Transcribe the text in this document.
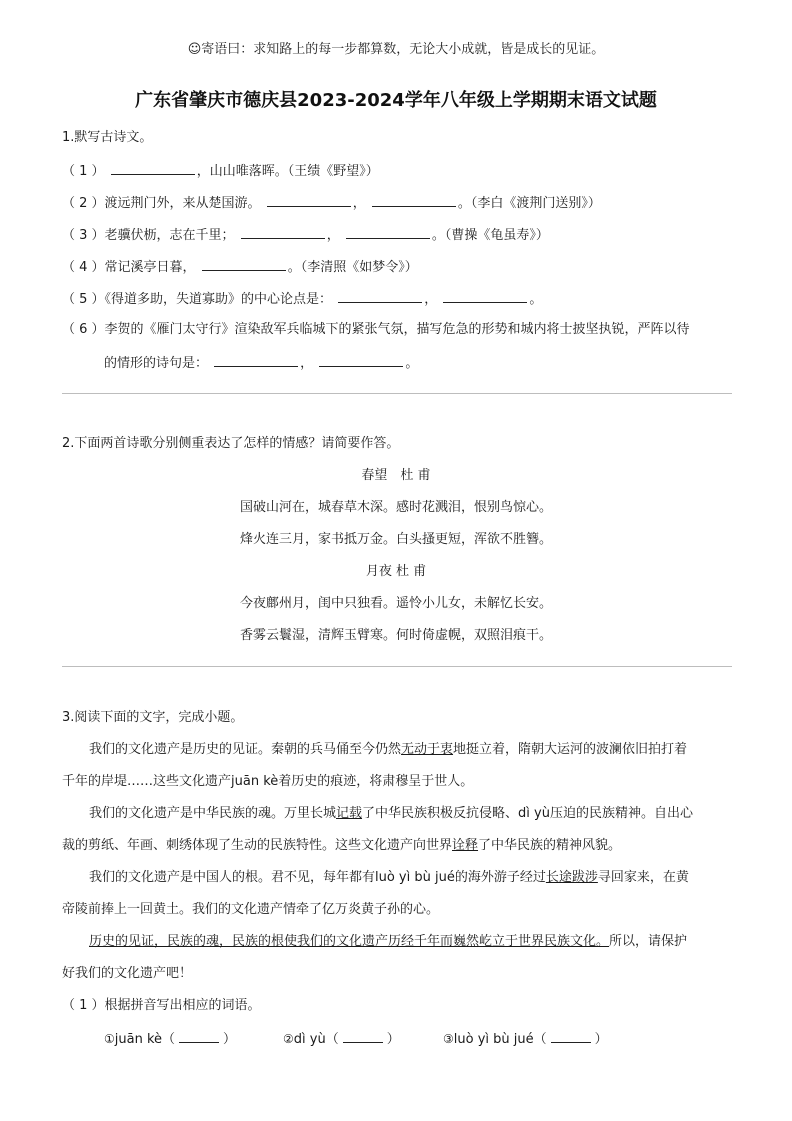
☺寄语曰：求知路上的每一步都算数，无论大小成就，皆是成长的见证。
广东省肇庆市德庆县2023-2024学年八年级上学期期末语文试题
1.默写古诗文。
（ 1 ）	，山山唯落晖。（王绩《野望》）
（ 2 ）渡远荆门外，来从楚国游。	，	。（李白《渡荆门送别》）
（ 3 ）老骥伏枥，志在千里；	，	。（曹操《龟虽寿》）
（ 4 ）常记溪亭日暮，	。（李清照《如梦令》）
（ 5 ）《得道多助，失道寡助》的中心论点是：	，	。
（ 6 ）李贺的《雁门太守行》渲染敌军兵临城下的紧张气氛，描写危急的形势和城内将士披坚执锐，严阵以待
的情形的诗句是：	，	。
2.下面两首诗歌分别侧重表达了怎样的情感？请简要作答。
春望　杜 甫
国破山河在，城春草木深。感时花溅泪，恨别鸟惊心。
烽火连三月，家书抵万金。白头搔更短，浑欲不胜簪。
月夜 杜 甫
今夜鄜州月，闺中只独看。遥怜小儿女，未解忆长安。
香雾云鬟湿，清辉玉臂寒。何时倚虚幌，双照泪痕干。
3.阅读下面的文字，完成小题。
我们的文化遗产是历史的见证。秦朝的兵马俑至今仍然无动于衷地挺立着，隋朝大运河的波澜依旧拍打着
千年的岸堤……这些文化遗产juān kè着历史的痕迹，将肃穆呈于世人。
我们的文化遗产是中华民族的魂。万里长城记载了中华民族积极反抗侵略、dì yù压迫的民族精神。自出心
裁的剪纸、年画、刺绣体现了生动的民族特性。这些文化遗产向世界诠释了中华民族的精神风貌。
我们的文化遗产是中国人的根。君不见，每年都有luò yì bù jué的海外游子经过长途跋涉寻回家来，在黄
帝陵前捧上一回黄土。我们的文化遗产情牵了亿万炎黄子孙的心。
历史的见证，民族的魂，民族的根使我们的文化遗产历经千年而巍然屹立于世界民族文化。所以，请保护
好我们的文化遗产吧！
（ 1 ）根据拼音写出相应的词语。
①juān kè（	）	②dì yù（	）	③luò yì bù jué（	）
